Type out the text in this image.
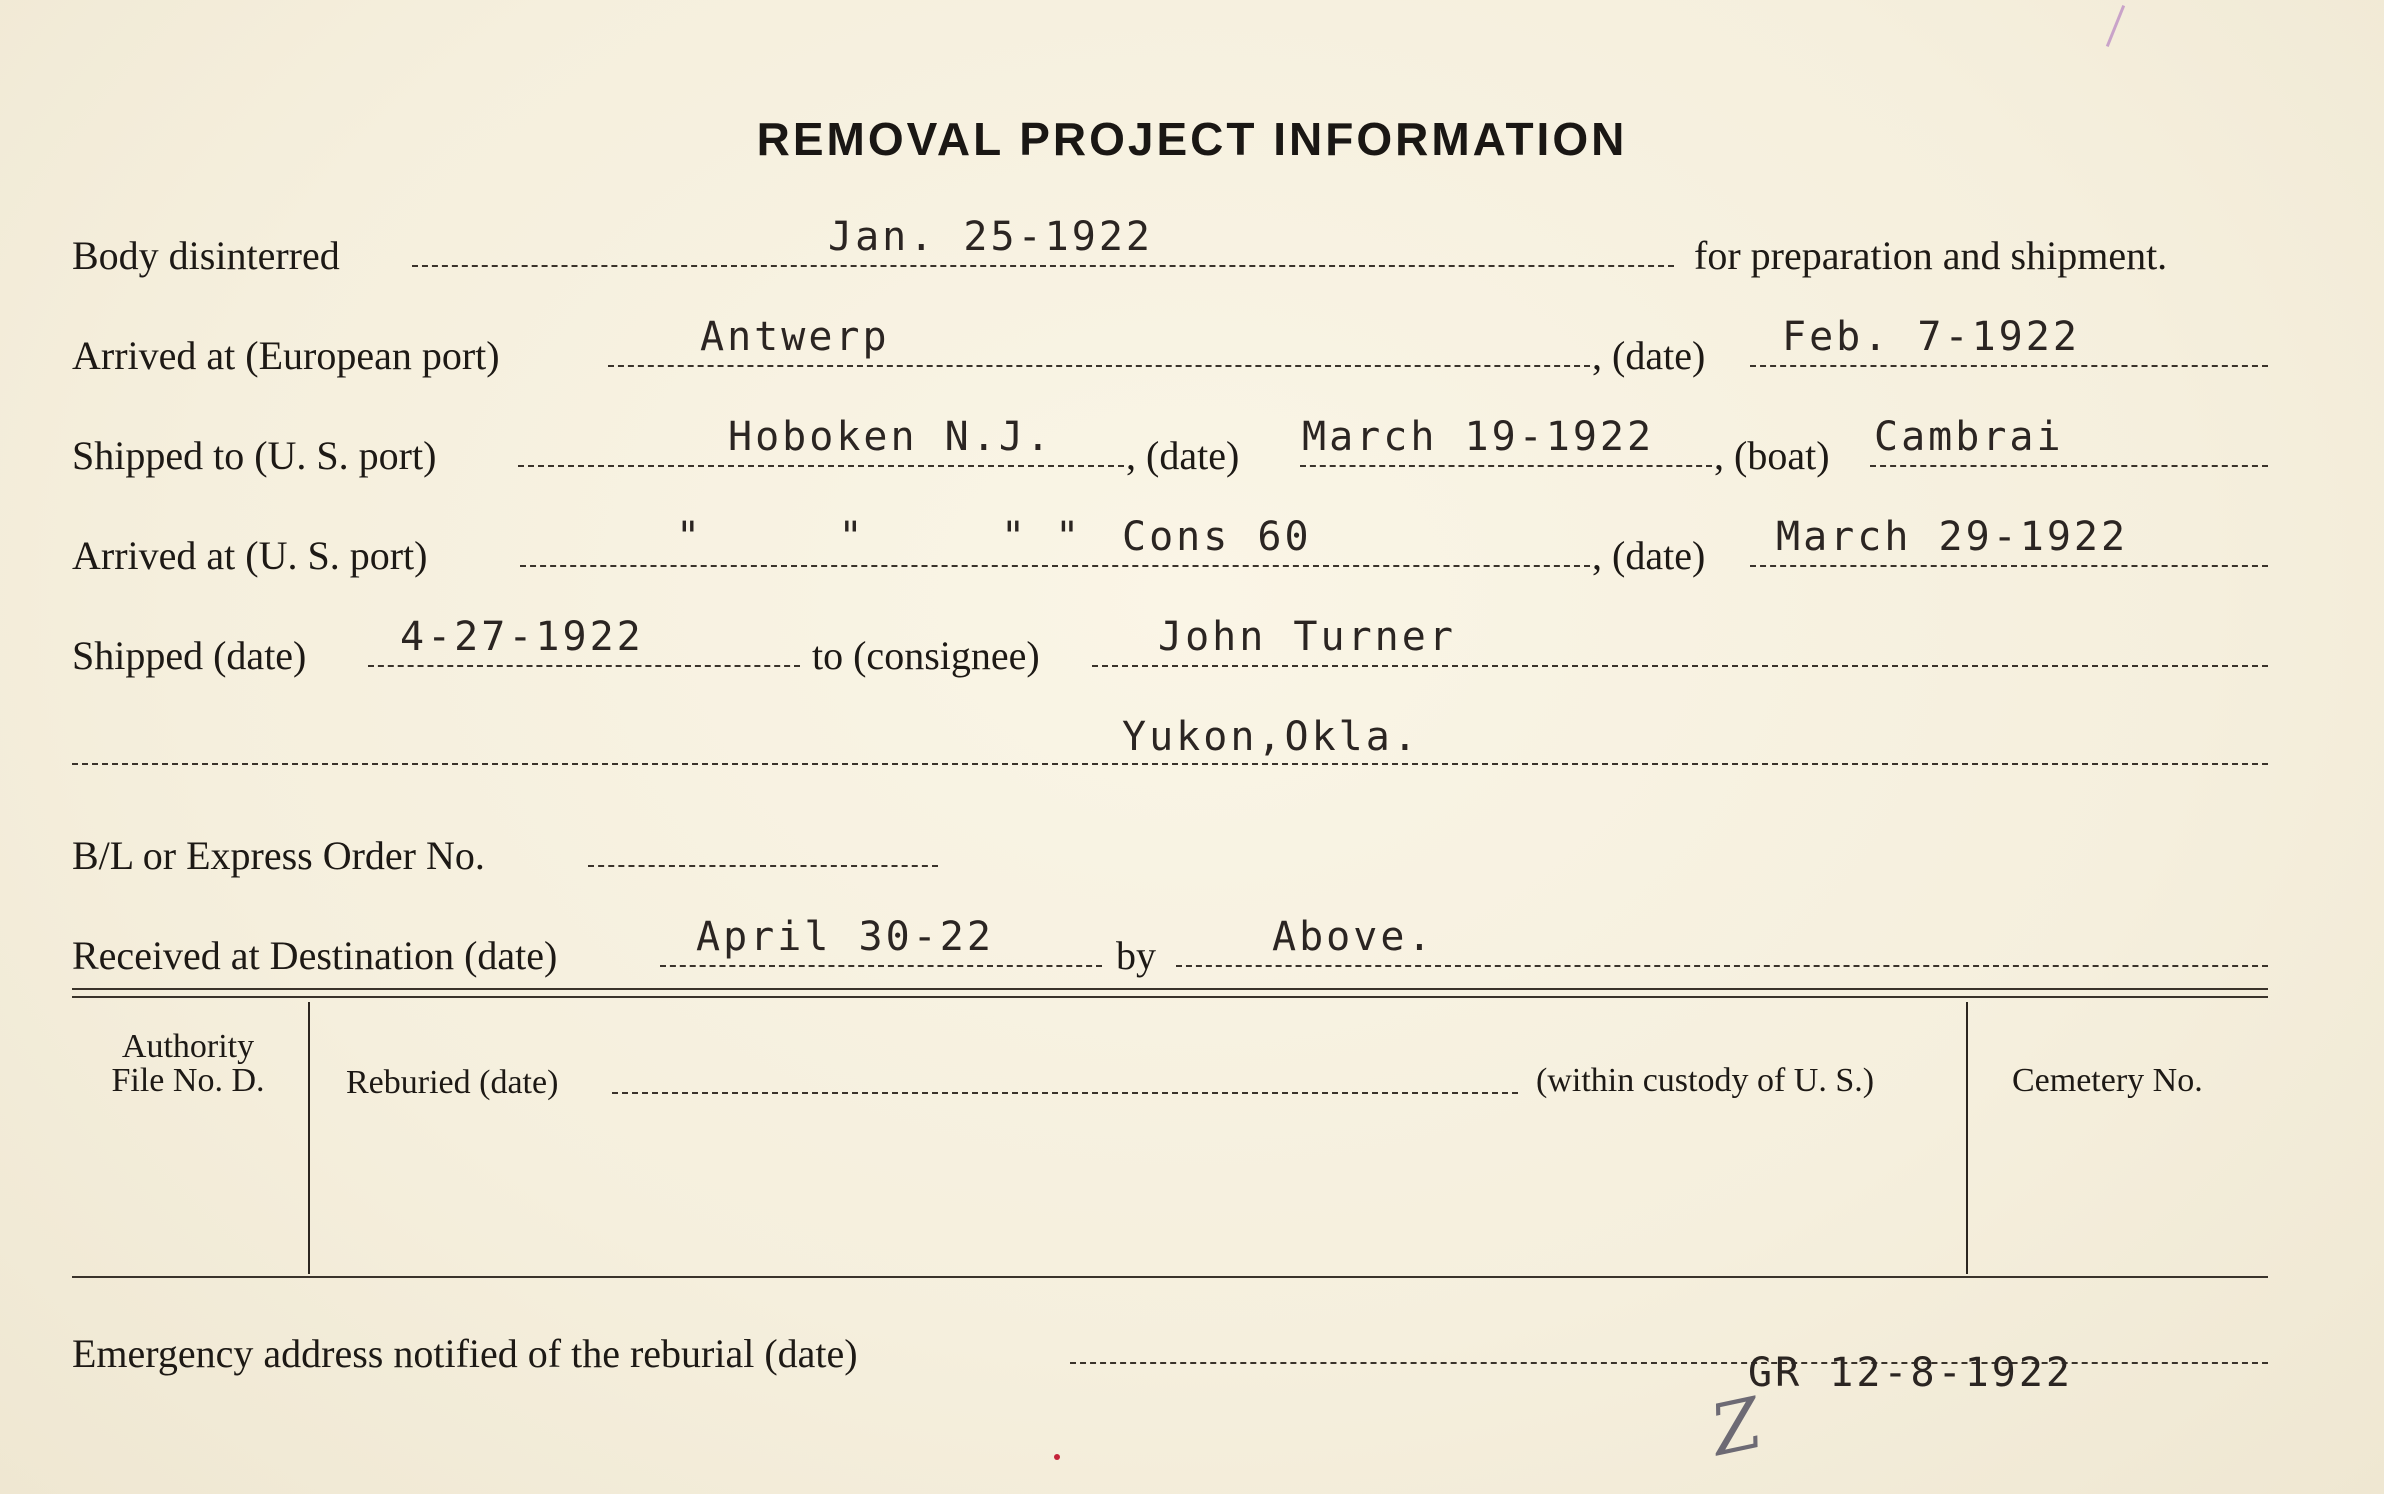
REMOVAL PROJECT INFORMATION
Body disinterred	Jan. 25-1922	for preparation and shipment.
Arrived at (European port)	Antwerp	, (date) Feb. 7-1922
Shipped to (U. S. port)	Hoboken N.J. , (date) March 19-1922 , (boat) Cambrai
Arrived at (U. S. port)	"     "     " " Cons 60	, (date) March 29-1922
Shipped (date) 4-27-1922	to (consignee)	John Turner
Yukon,Okla.
B/L or Express Order No.
Received at Destination (date)	April 30-22	by	Above.
Authority
File No. D.	Reburied (date)	(within custody of U. S.)	Cemetery No.
Emergency address notified of the reburial (date)	GR 12-8-1922
Z
